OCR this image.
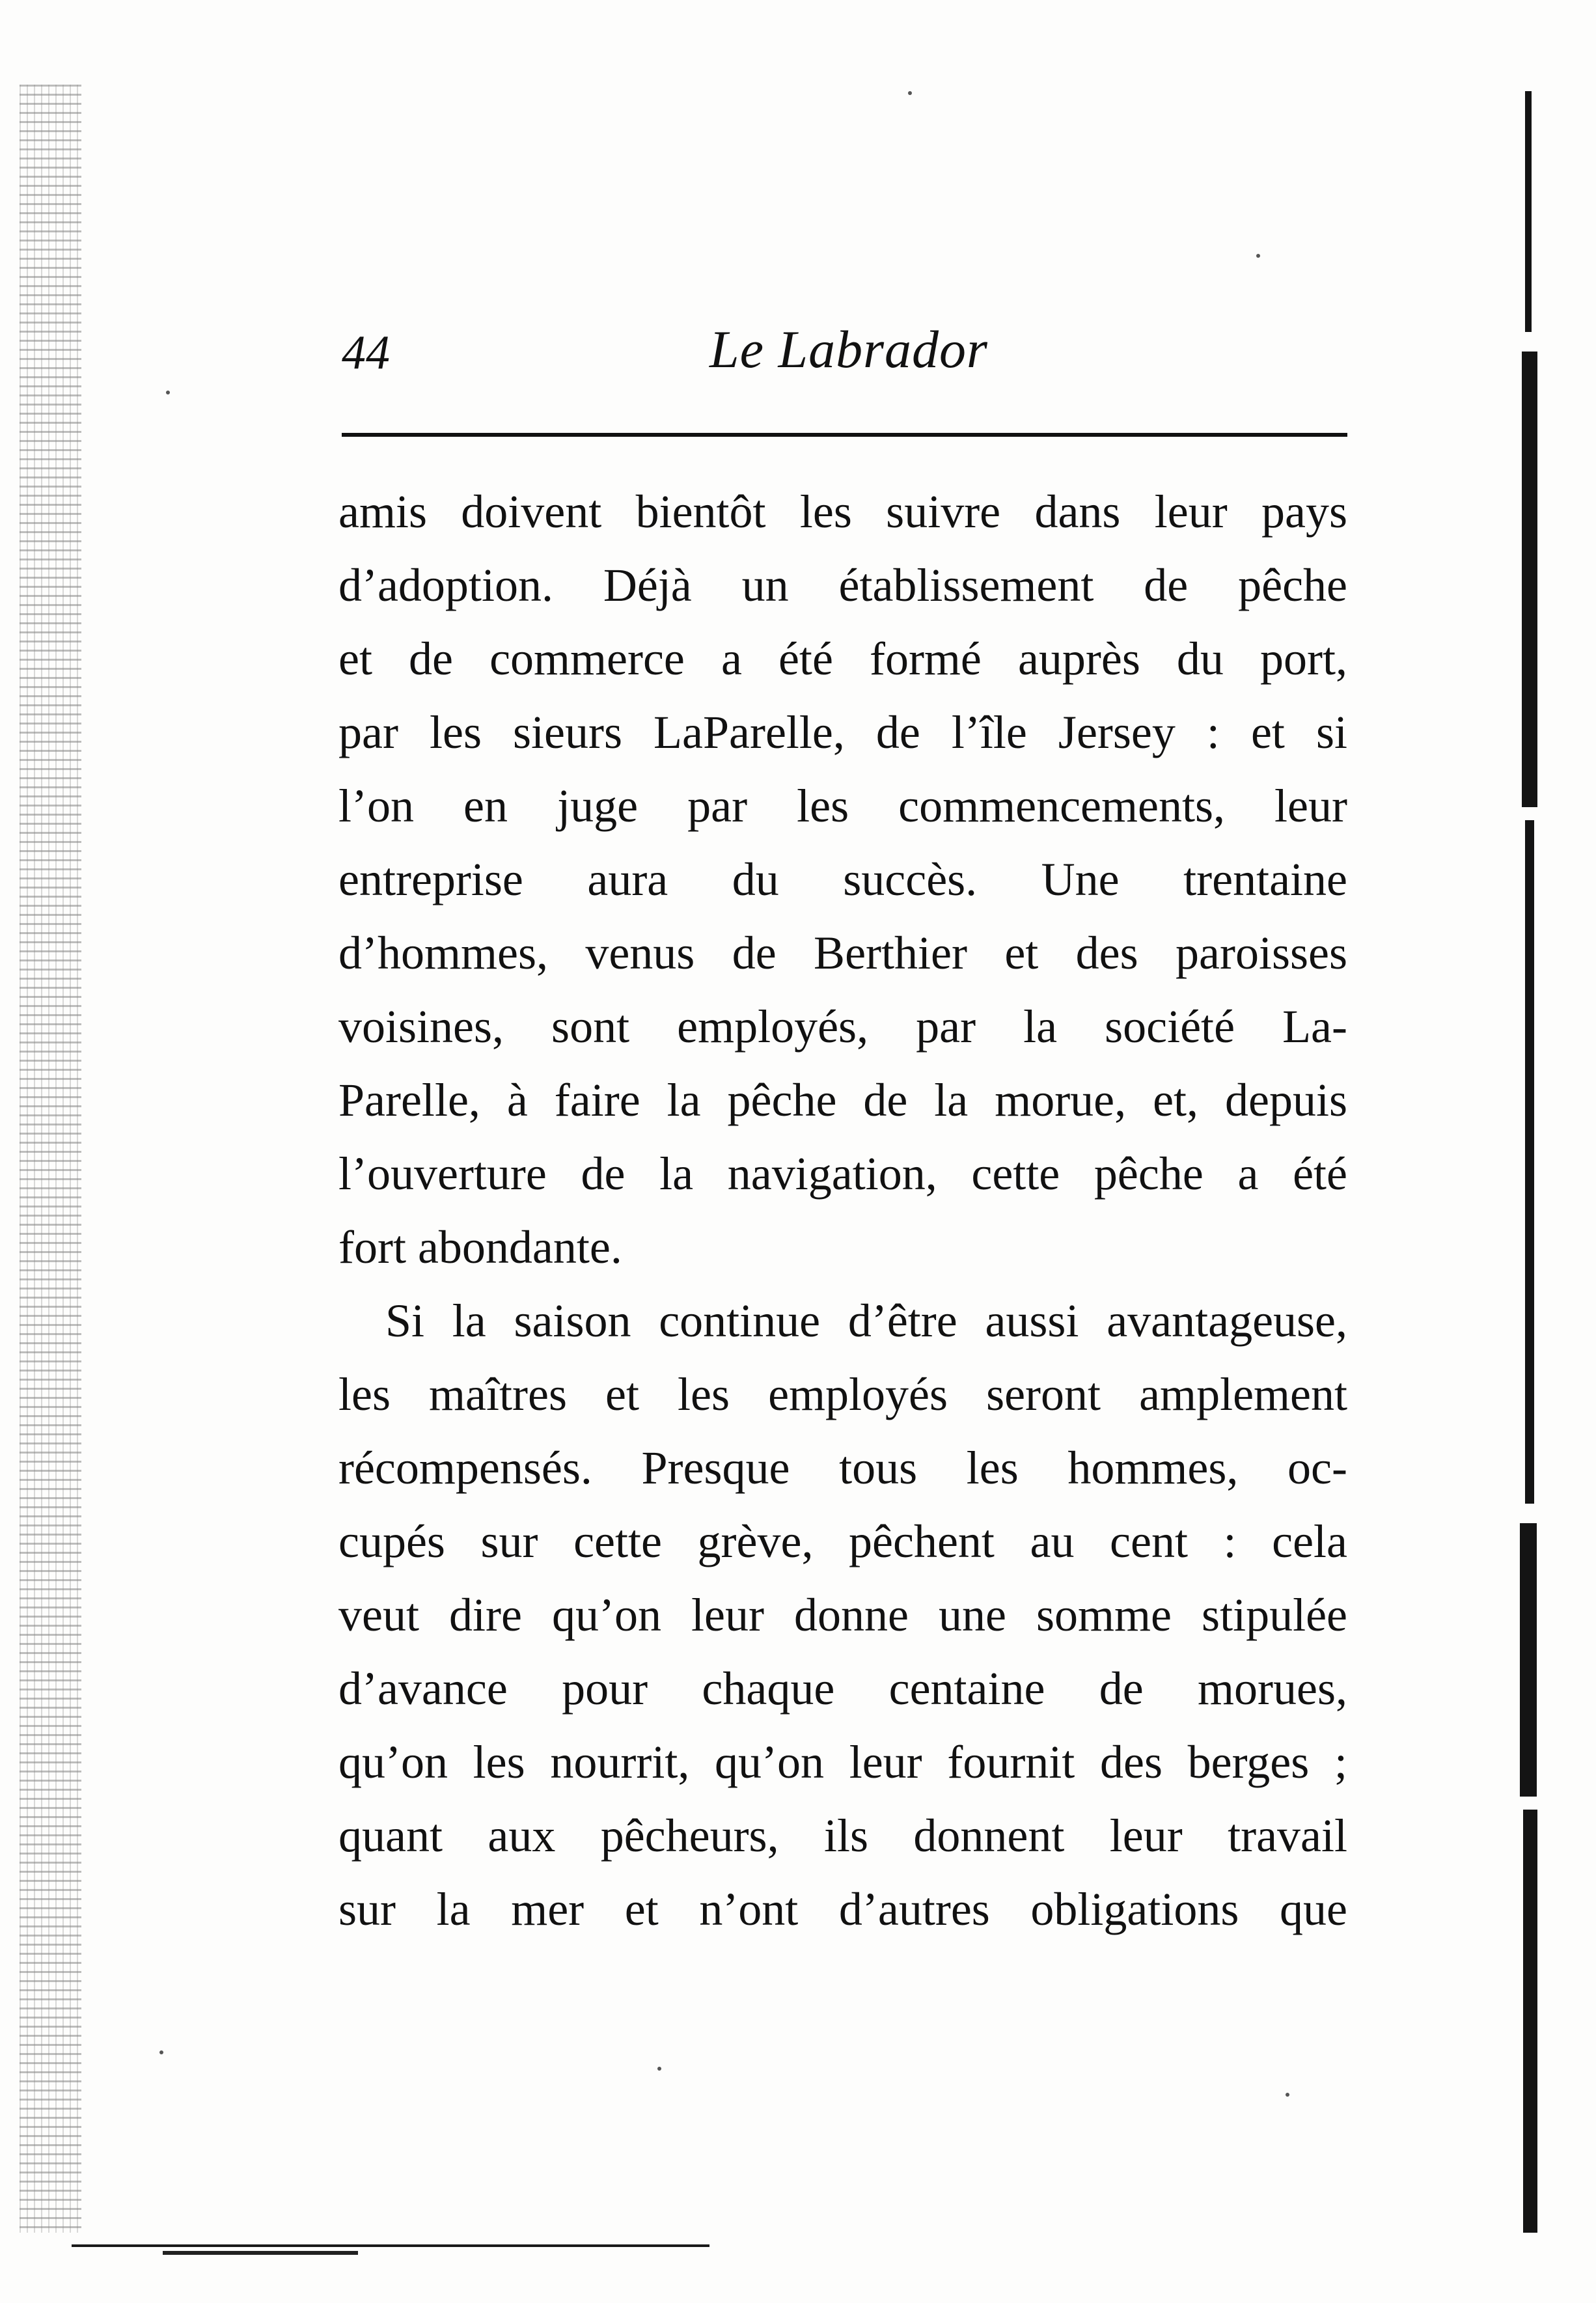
44	Le Labrador
amis doivent bientôt les suivre dans leur pays
d’adoption. Déjà un établissement de pêche
et de commerce a été formé auprès du port,
par les sieurs LaParelle, de l’île Jersey : et si
l’on en juge par les commencements, leur
entreprise aura du succès. Une trentaine
d’hommes, venus de Berthier et des paroisses
voisines, sont employés, par la société La-
Parelle, à faire la pêche de la morue, et, depuis
l’ouverture de la navigation, cette pêche a été
fort abondante.
Si la saison continue d’être aussi avantageuse,
les maîtres et les employés seront amplement
récompensés. Presque tous les hommes, oc-
cupés sur cette grève, pêchent au cent : cela
veut dire qu’on leur donne une somme stipulée
d’avance pour chaque centaine de morues,
qu’on les nourrit, qu’on leur fournit des berges ;
quant aux pêcheurs, ils donnent leur travail
sur la mer et n’ont d’autres obligations que
